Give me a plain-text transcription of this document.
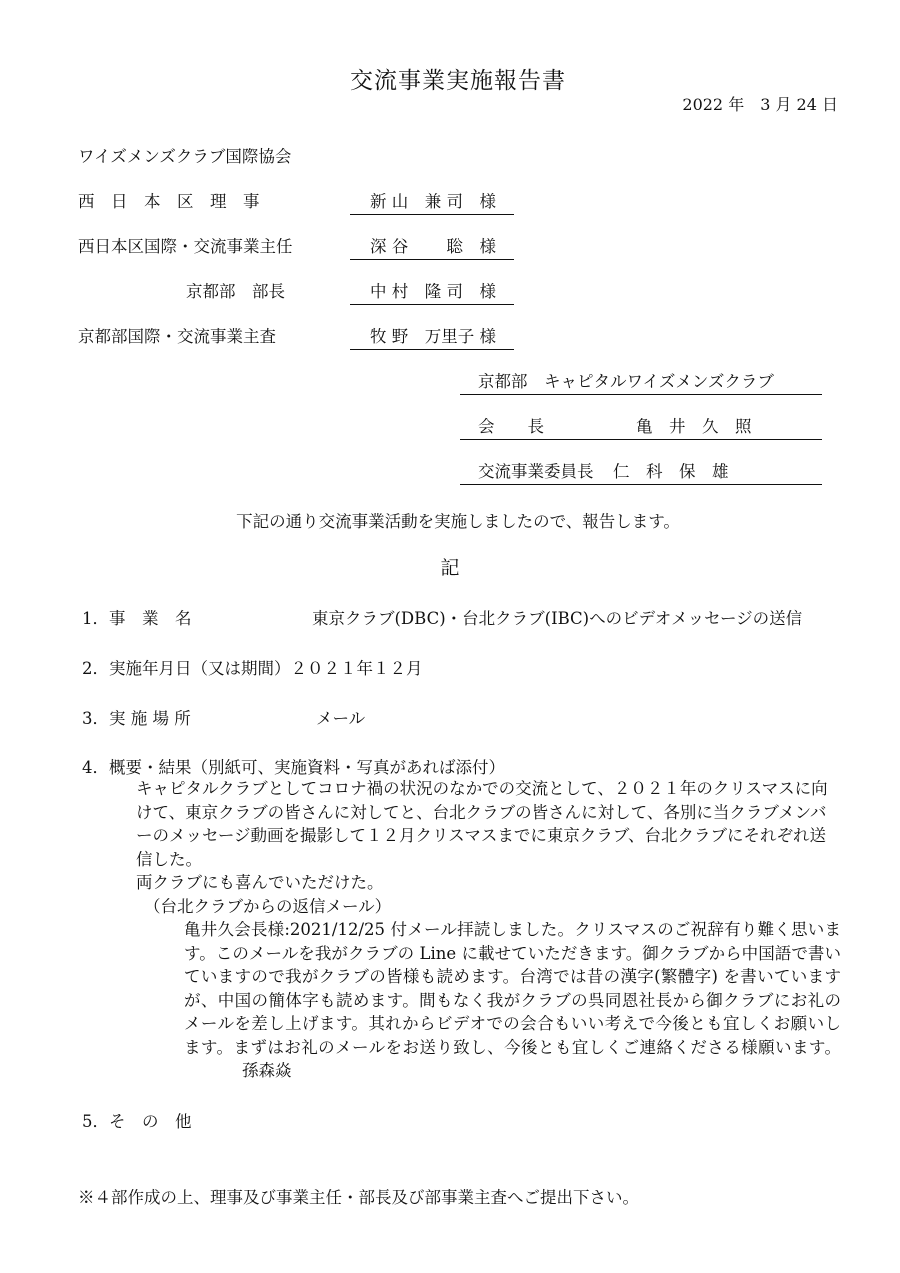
交流事業実施報告書
2022 年　3 月 24 日
ワイズメンズクラブ国際協会
西　日　本　区　理　事	新 山　兼 司　様
西日本区国際・交流事業主任	深 谷　　 聡　様
京都部　部長	中 村　隆 司　様
京都部国際・交流事業主査	牧 野　万里子 様
京都部　キャピタルワイズメンズクラブ
会　　長	亀　井　久　照
交流事業委員長 仁　科　保　雄
下記の通り交流事業活動を実施しましたので、報告します。
記
1．事　業　名	東京クラブ(DBC)・台北クラブ(IBC)へのビデオメッセージの送信
2．実施年月日（又は期間）２０２１年１２月
3．実 施 場 所	メール
4．概要・結果（別紙可、実施資料・写真があれば添付）

キャピタルクラブとしてコロナ禍の状況のなかでの交流として、２０２１年のクリスマスに向けて、東京クラブの皆さんに対してと、台北クラブの皆さんに対して、各別に当クラブメンバーのメッセージ動画を撮影して１２月クリスマスまでに東京クラブ、台北クラブにそれぞれ送信した。

両クラブにも喜んでいただけた。

（台北クラブからの返信メール）

亀井久会長様:2021/12/25 付メール拝読しました。クリスマスのご祝辞有り難く思います。このメールを我がクラブの Line に載せていただきます。御クラブから中国語で書いていますので我がクラブの皆様も読めます。台湾では昔の漢字(繁體字) を書いていますが、中国の簡体字も読めます。間もなく我がクラブの呉同恩社長から御クラブにお礼のメールを差し上げます。其れからビデオでの会合もいい考えで今後とも宜しくお願いします。まずはお礼のメールをお送り致し、今後とも宜しくご連絡くださる様願います。孫森焱
5．そ　の　他
※４部作成の上、理事及び事業主任・部長及び部事業主査へご提出下さい。
